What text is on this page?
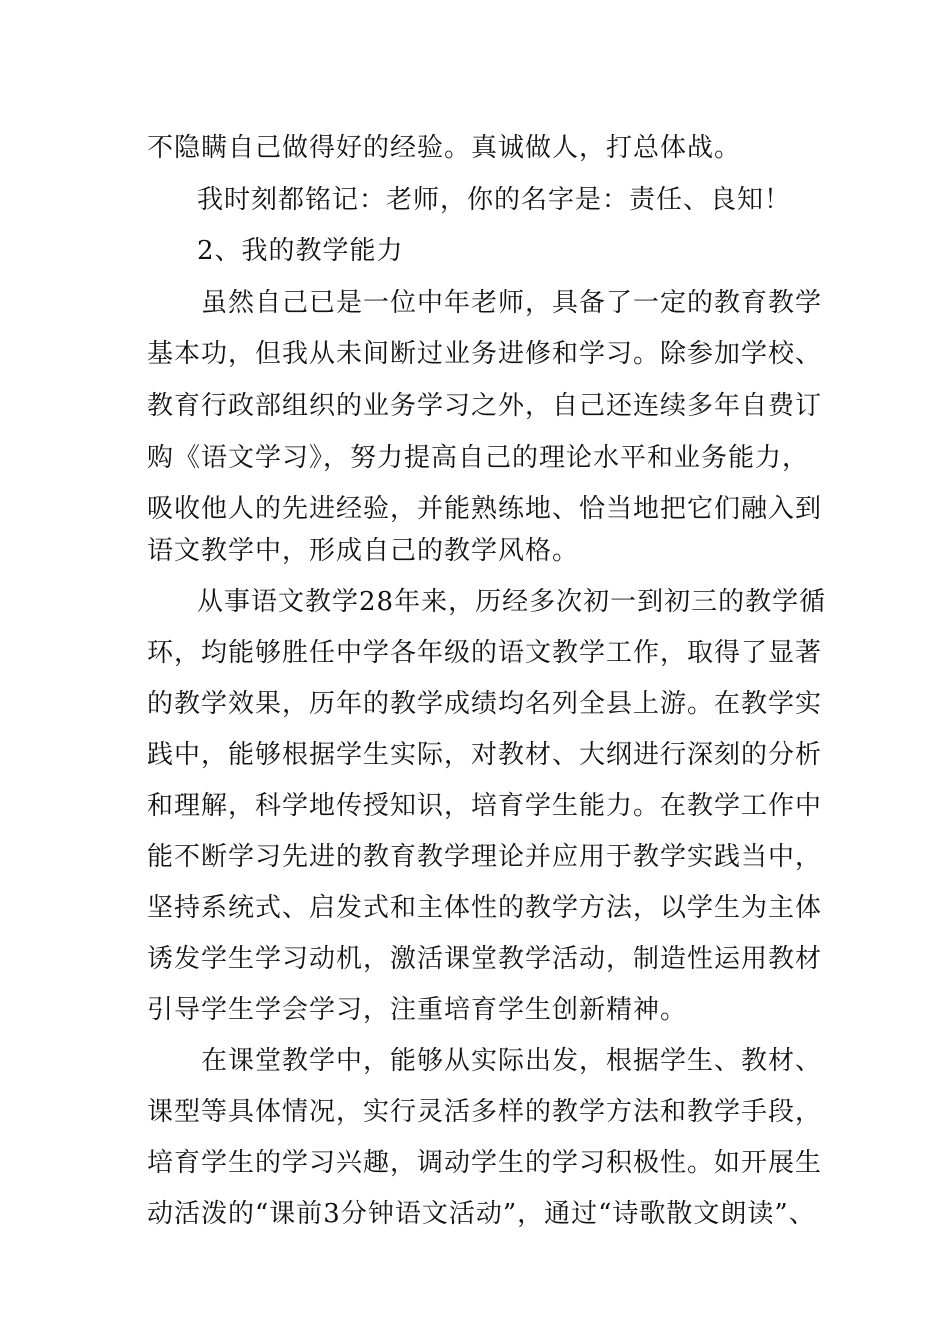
不隐瞒自己做得好的经验。真诚做人，打总体战。
我时刻都铭记：老师，你的名字是：责任、良知！
2、我的教学能力
虽然自己已是一位中年老师，具备了一定的教育教学
基本功，但我从未间断过业务进修和学习。除参加学校、
教育行政部组织的业务学习之外，自己还连续多年自费订
购《语文学习》，努力提高自己的理论水平和业务能力，
吸收他人的先进经验，并能熟练地、恰当地把它们融入到
语文教学中，形成自己的教学风格。
从事语文教学28年来，历经多次初一到初三的教学循
环，均能够胜任中学各年级的语文教学工作，取得了显著
的教学效果，历年的教学成绩均名列全县上游。在教学实
践中，能够根据学生实际，对教材、大纲进行深刻的分析
和理解，科学地传授知识，培育学生能力。在教学工作中
能不断学习先进的教育教学理论并应用于教学实践当中，
坚持系统式、启发式和主体性的教学方法，以学生为主体
诱发学生学习动机，激活课堂教学活动，制造性运用教材
引导学生学会学习，注重培育学生创新精神。
在课堂教学中，能够从实际出发，根据学生、教材、
课型等具体情况，实行灵活多样的教学方法和教学手段，
培育学生的学习兴趣，调动学生的学习积极性。如开展生
动活泼的“课前3分钟语文活动”，通过“诗歌散文朗读”、
